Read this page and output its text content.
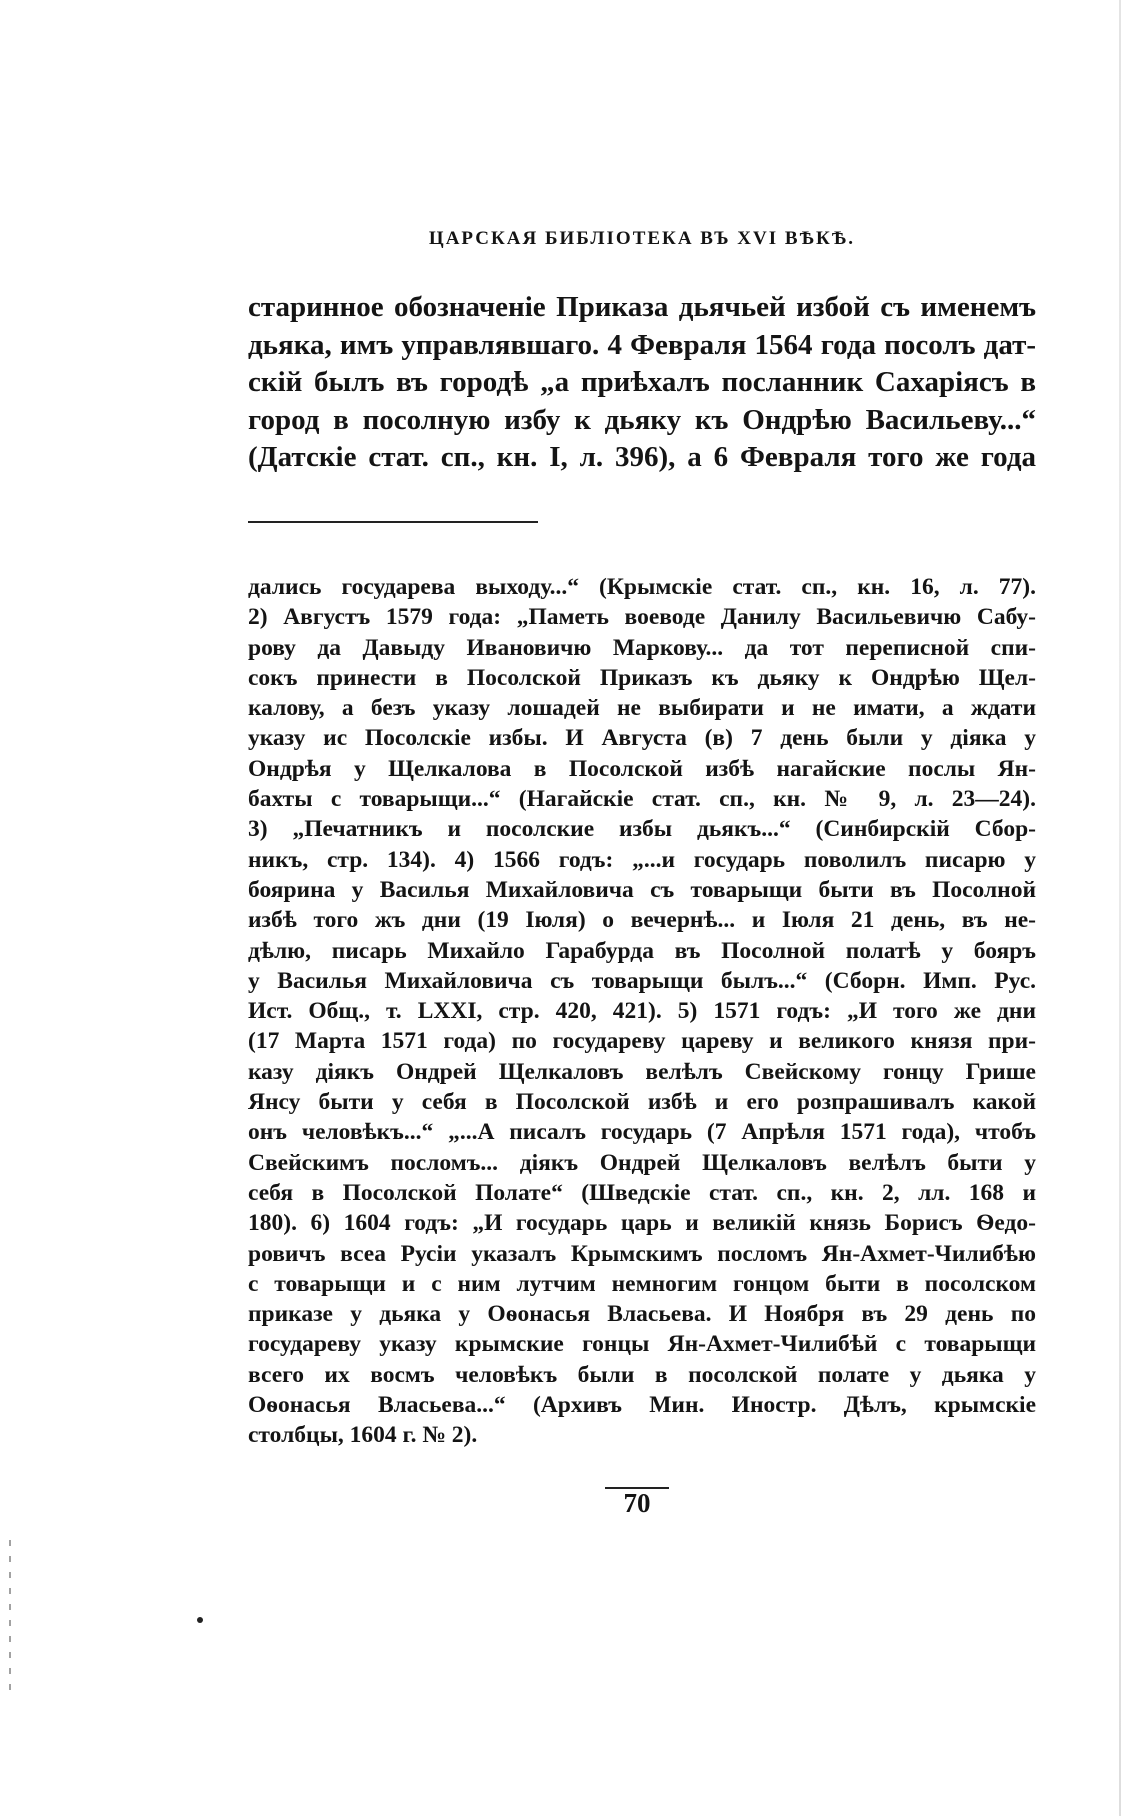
ЦАРСКАЯ БИБЛІОТЕКА ВЪ XVI ВѢКѢ.
старинное обозначеніе Приказа дьячьей избой съ именемъ
дьяка, имъ управлявшаго. 4 Февраля 1564 года посолъ дат-
скій былъ въ городѣ „а приѣхалъ посланник Сахаріясъ в
город в посолную избу к дьяку къ Ондрѣю Васильеву...“
(Датскіе стат. сп., кн. I, л. 396), а 6 Февраля того же года
дались государева выходу...“ (Крымскіе стат. сп., кн. 16, л. 77).
2) Августъ 1579 года: „Паметь воеводе Данилу Васильевичю Сабу-
рову да Давыду Ивановичю Маркову... да тот переписной спи-
сокъ принести в Посолской Приказъ къ дьяку к Ондрѣю Щел-
калову, а безъ указу лошадей не выбирати и не имати, а ждати
указу ис Посолскіе избы. И Августа (в) 7 день были у діяка у
Ондрѣя у Щелкалова в Посолской избѣ нагайские послы Ян-
бахты с товарыщи...“ (Нагайскіе стат. сп., кн. № 9, л. 23—24).
3) „Печатникъ и посолские избы дьякъ...“ (Синбирскій Сбор-
никъ, стр. 134). 4) 1566 годъ: „...и государь поволилъ писарю у
боярина у Василья Михайловича съ товарыщи быти въ Посолной
избѣ того жъ дни (19 Іюля) о вечернѣ... и Іюля 21 день, въ не-
дѣлю, писарь Михайло Гарабурда въ Посолной полатѣ у бояръ
у Василья Михайловича съ товарыщи былъ...“ (Сборн. Имп. Рус.
Ист. Общ., т. LXXI, стр. 420, 421). 5) 1571 годъ: „И того же дни
(17 Марта 1571 года) по государеву цареву и великого князя при-
казу діякъ Ондрей Щелкаловъ велѣлъ Свейскому гонцу Гришe
Янсу быти у себя в Посолской избѣ и его розпрашивалъ какой
онъ человѣкъ...“ „...А писалъ государь (7 Апрѣля 1571 года), чтобъ
Свейскимъ посломъ... діякъ Ондрей Щелкаловъ велѣлъ быти у
себя в Посолской Полате“ (Шведскіе стат. сп., кн. 2, лл. 168 и
180). 6) 1604 годъ: „И государь царь и великій князь Борисъ Ѳедо-
ровичъ всеа Русіи указалъ Крымскимъ посломъ Ян-Ахмет-Чилибѣю
с товарыщи и с ним лутчим немногим гонцом быти в посолском
приказе у дьяка у Оѳонасья Власьева. И Ноября въ 29 день по
государеву указу крымские гонцы Ян-Ахмет-Чилибѣй с товарыщи
всего их восмъ человѣкъ были в посолской полате у дьяка у
Оѳонасья Власьева...“ (Архивъ Мин. Иностр. Дѣлъ, крымскіе
столбцы, 1604 г. № 2).
70
